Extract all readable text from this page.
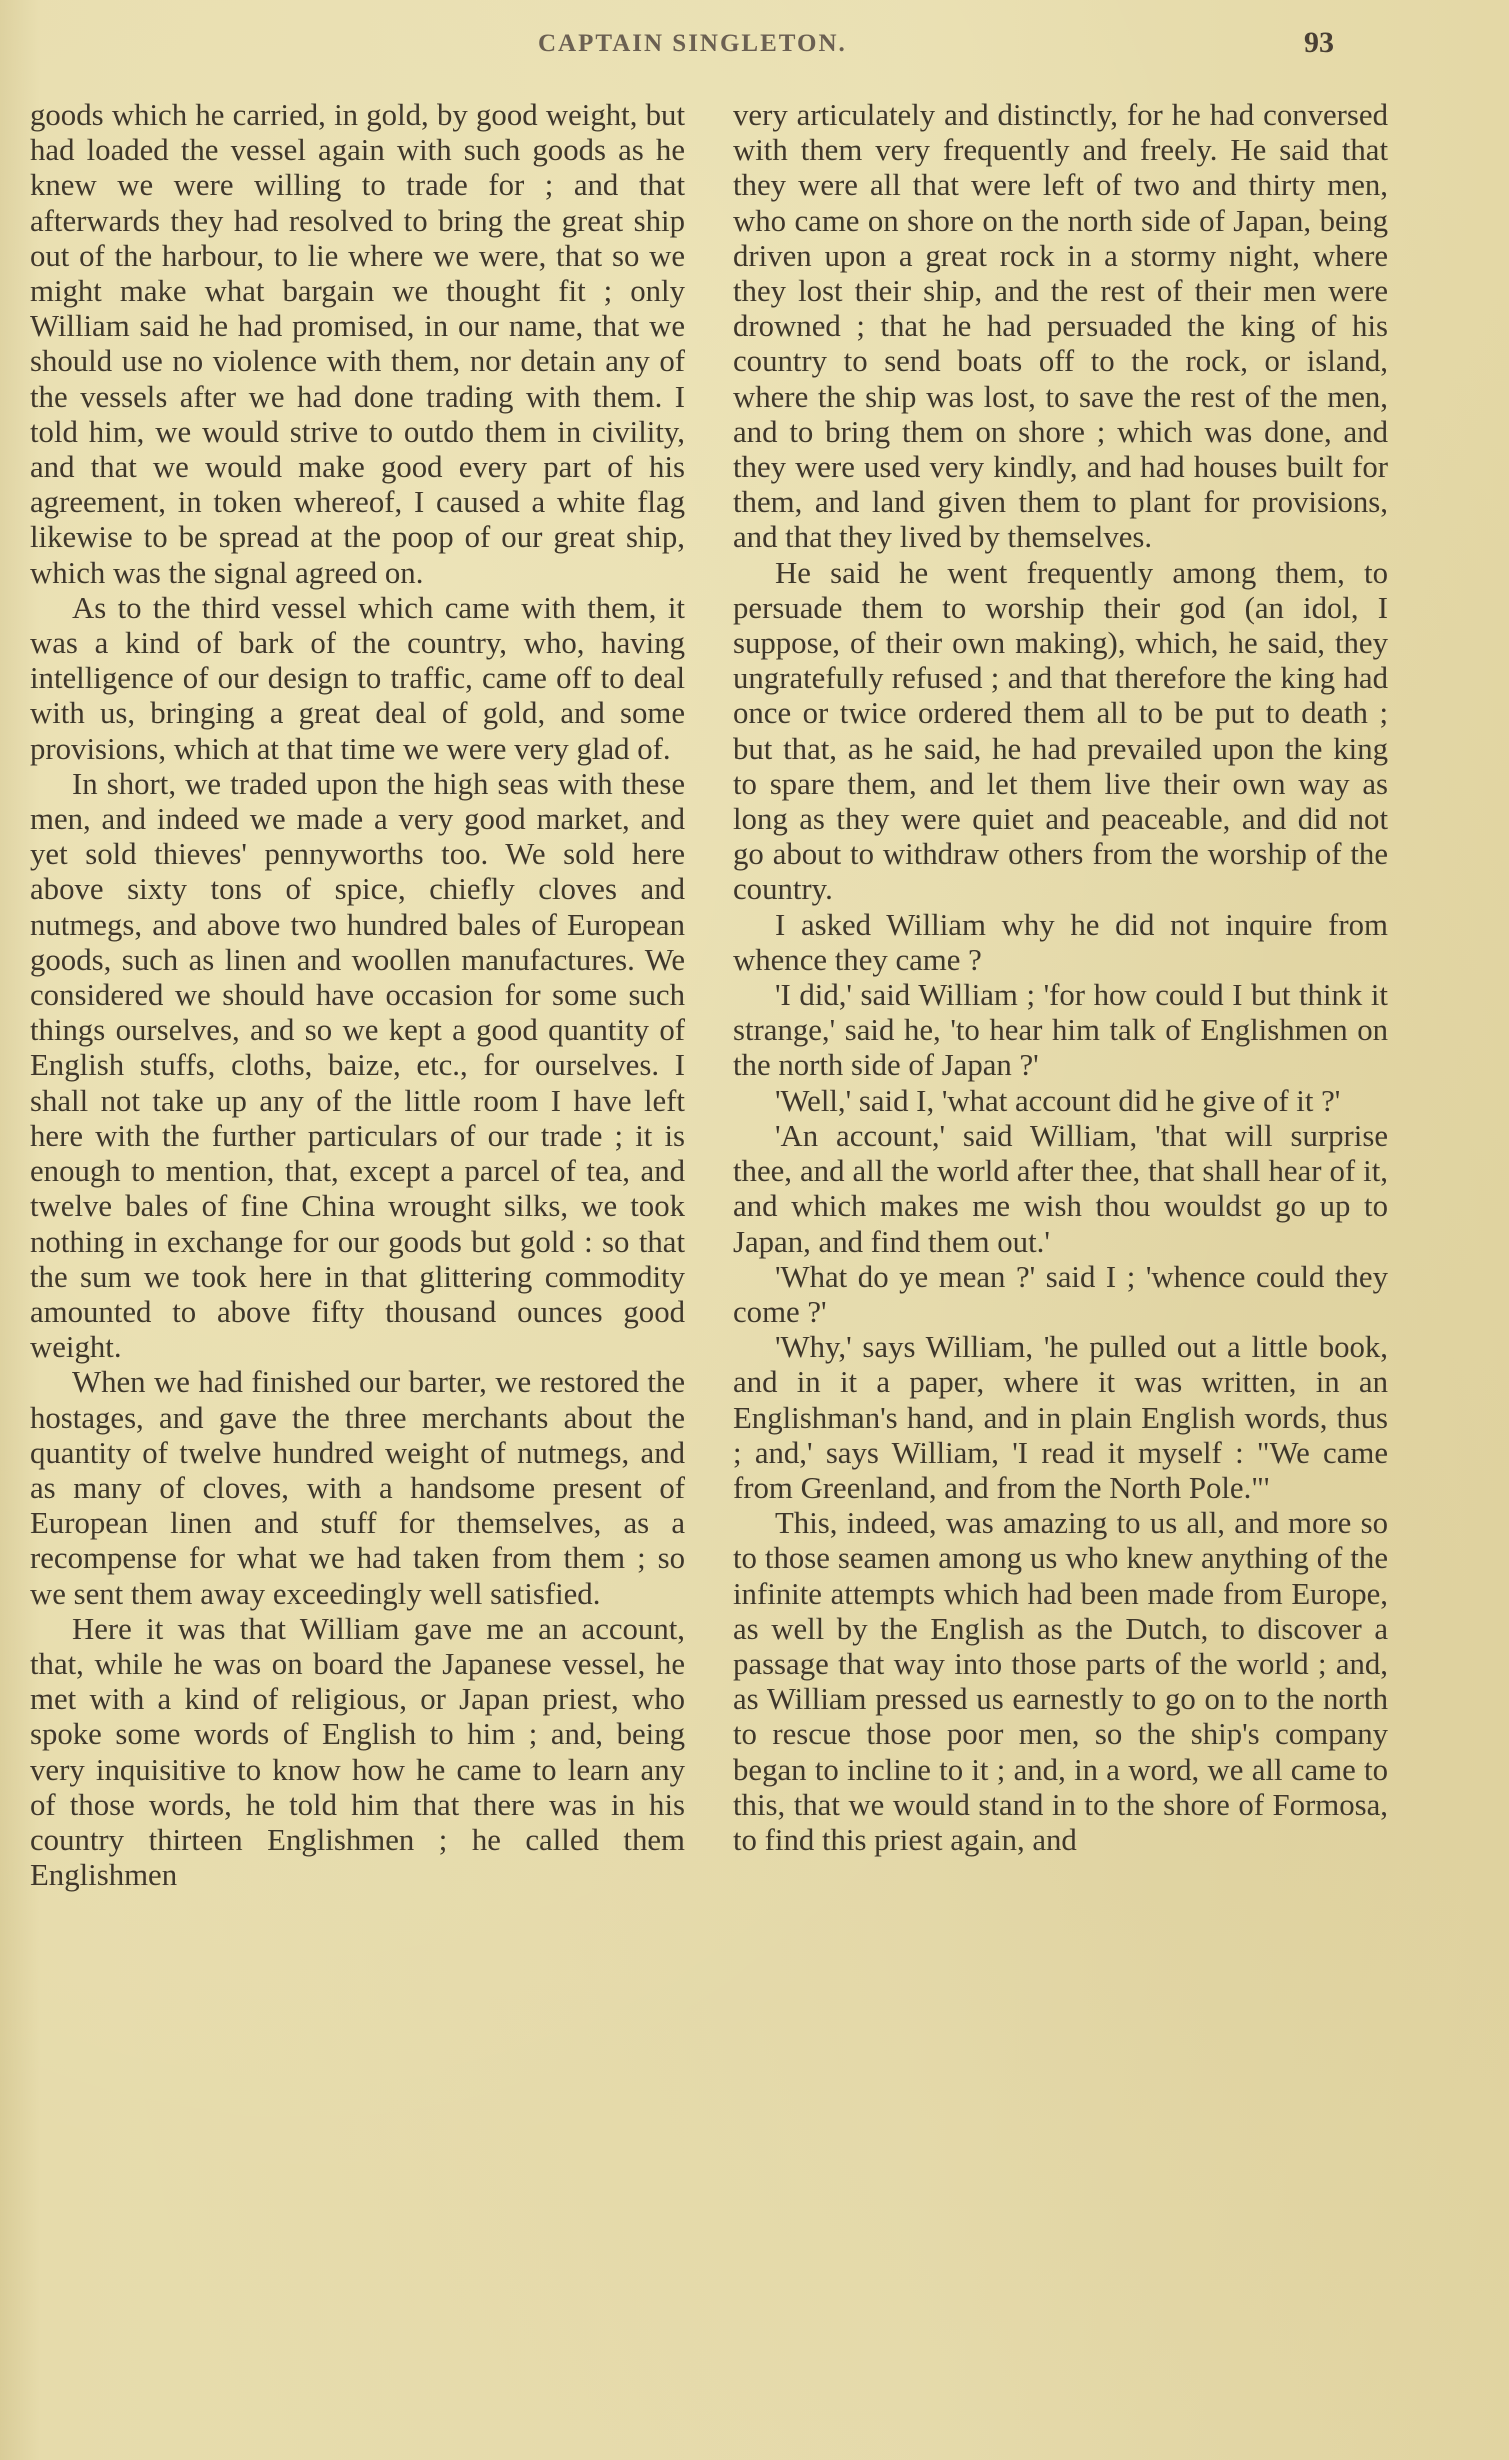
CAPTAIN SINGLETON.	93

goods which he carried, in gold, by good weight, but had loaded the vessel again with such goods as he knew we were willing to trade for ; and that afterwards they had resolved to bring the great ship out of the harbour, to lie where we were, that so we might make what bargain we thought fit ; only William said he had promised, in our name, that we should use no violence with them, nor detain any of the vessels after we had done trading with them. I told him, we would strive to outdo them in civility, and that we would make good every part of his agreement, in token whereof, I caused a white flag likewise to be spread at the poop of our great ship, which was the signal agreed on.

As to the third vessel which came with them, it was a kind of bark of the country, who, having intelligence of our design to traffic, came off to deal with us, bringing a great deal of gold, and some provisions, which at that time we were very glad of.

In short, we traded upon the high seas with these men, and indeed we made a very good market, and yet sold thieves' pennyworths too. We sold here above sixty tons of spice, chiefly cloves and nutmegs, and above two hundred bales of European goods, such as linen and woollen manufactures. We considered we should have occasion for some such things ourselves, and so we kept a good quantity of English stuffs, cloths, baize, etc., for ourselves. I shall not take up any of the little room I have left here with the further particulars of our trade ; it is enough to mention, that, except a parcel of tea, and twelve bales of fine China wrought silks, we took nothing in exchange for our goods but gold : so that the sum we took here in that glittering commodity amounted to above fifty thousand ounces good weight.

When we had finished our barter, we restored the hostages, and gave the three merchants about the quantity of twelve hundred weight of nutmegs, and as many of cloves, with a handsome present of European linen and stuff for themselves, as a recompense for what we had taken from them ; so we sent them away exceedingly well satisfied.

Here it was that William gave me an account, that, while he was on board the Japanese vessel, he met with a kind of religious, or Japan priest, who spoke some words of English to him ; and, being very inquisitive to know how he came to learn any of those words, he told him that there was in his country thirteen Englishmen ; he called them Englishmen

very articulately and distinctly, for he had conversed with them very frequently and freely. He said that they were all that were left of two and thirty men, who came on shore on the north side of Japan, being driven upon a great rock in a stormy night, where they lost their ship, and the rest of their men were drowned ; that he had persuaded the king of his country to send boats off to the rock, or island, where the ship was lost, to save the rest of the men, and to bring them on shore ; which was done, and they were used very kindly, and had houses built for them, and land given them to plant for provisions, and that they lived by themselves.

He said he went frequently among them, to persuade them to worship their god (an idol, I suppose, of their own making), which, he said, they ungratefully refused ; and that therefore the king had once or twice ordered them all to be put to death ; but that, as he said, he had prevailed upon the king to spare them, and let them live their own way as long as they were quiet and peaceable, and did not go about to withdraw others from the worship of the country.

I asked William why he did not inquire from whence they came ?

'I did,' said William ; 'for how could I but think it strange,' said he, 'to hear him talk of Englishmen on the north side of Japan ?'

'Well,' said I, 'what account did he give of it ?'

'An account,' said William, 'that will surprise thee, and all the world after thee, that shall hear of it, and which makes me wish thou wouldst go up to Japan, and find them out.'

'What do ye mean ?' said I ; 'whence could they come ?'

'Why,' says William, 'he pulled out a little book, and in it a paper, where it was written, in an Englishman's hand, and in plain English words, thus ; and,' says William, 'I read it myself : "We came from Greenland, and from the North Pole."'

This, indeed, was amazing to us all, and more so to those seamen among us who knew anything of the infinite attempts which had been made from Europe, as well by the English as the Dutch, to discover a passage that way into those parts of the world ; and, as William pressed us earnestly to go on to the north to rescue those poor men, so the ship's company began to incline to it ; and, in a word, we all came to this, that we would stand in to the shore of Formosa, to find this priest again, and
